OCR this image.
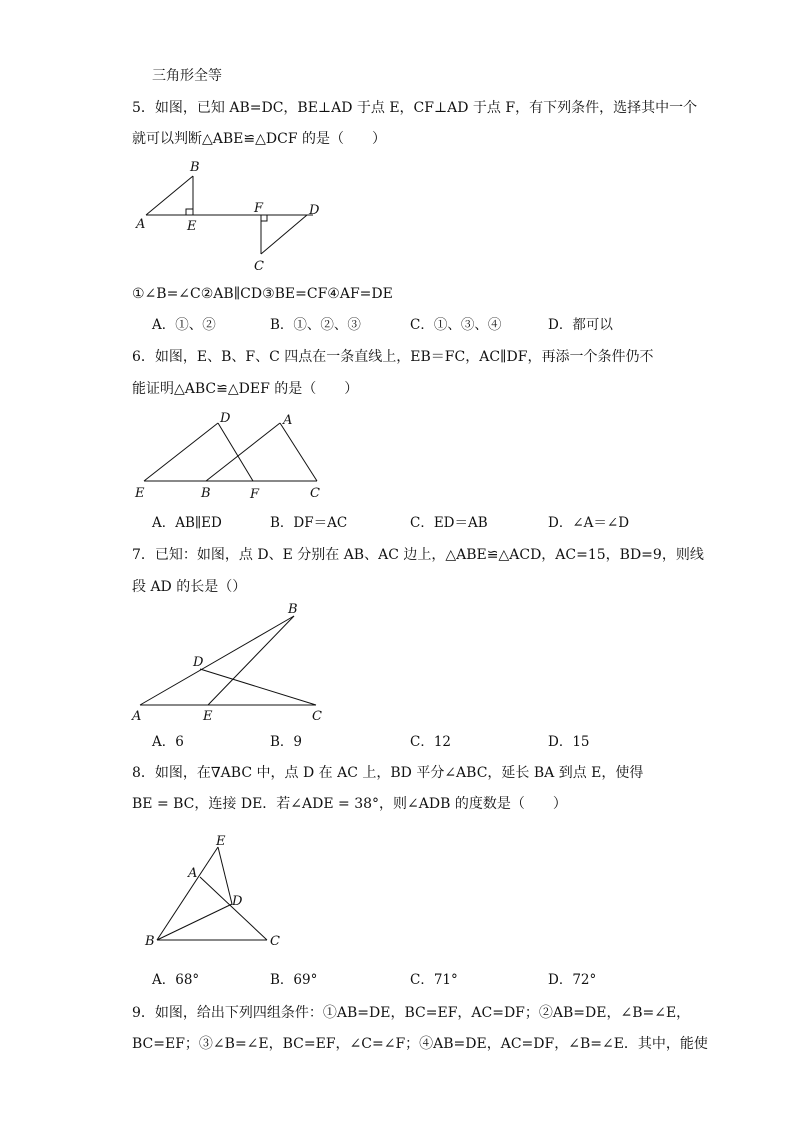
三角形全等
5．如图，已知 AB=DC，BE⊥AD 于点 E，CF⊥AD 于点 F，有下列条件，选择其中一个
就可以判断△ABE≌△DCF 的是（　　）
A
B
E
F	D
C
①∠B=∠C②AB∥CD③BE=CF④AF=DE
A．①、②	B．①、②、③	C．①、③、④	D．都可以
6．如图，E、B、F、C 四点在一条直线上，EB＝FC，AC∥DF，再添一个条件仍不
能证明△ABC≌△DEF 的是（　　）
D	A
E	B	F	C
A．AB∥ED	B．DF＝AC	C．ED＝AB	D．∠A＝∠D
7．已知：如图，点 D、E 分别在 AB、AC 边上，△ABE≌△ACD，AC=15，BD=9，则线
段 AD 的长是（）
B
D
A	E	C
A．6	B．9	C．12	D．15
8．如图，在∇ABC 中，点 D 在 AC 上，BD 平分∠ABC，延长 BA 到点 E，使得
BE = BC，连接 DE．若∠ADE = 38°，则∠ADB 的度数是（　　）
E
A
D
B	C
A．68°	B．69°	C．71°	D．72°
9．如图，给出下列四组条件：①AB=DE，BC=EF，AC=DF；②AB=DE，∠B=∠E，
BC=EF；③∠B=∠E，BC=EF，∠C=∠F；④AB=DE，AC=DF，∠B=∠E．其中，能使
